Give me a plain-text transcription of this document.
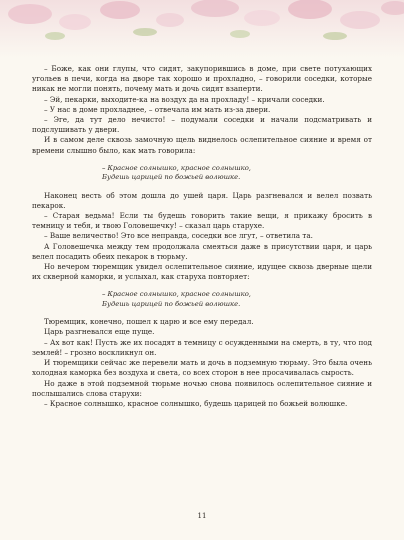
– Боже, как они глупы, что сидят, закупорившись в доме, при свете потухающих угольев в печи, когда на дворе так хорошо и прохладно, – говорили соседки, которые никак не могли понять, почему мать и дочь сидят взаперти.

– Эй, пекарки, выходите-ка на воздух да на прохладу! – кричали соседки.

– У нас в доме прохладнее, – отвечала им мать из-за двери.

– Эге, да тут дело нечисто! – подумали соседки и начали подсматривать и подслушивать у двери.

И в самом деле сквозь замочную щель виднелось ослепительное сияние и время от времени слышно было, как мать говорила:

– Красное солнышко, красное солнышко,
Будешь царицей по божьей волюшке.

Наконец весть об этом дошла до ушей царя. Царь разгневался и велел позвать пекарок.

– Старая ведьма! Если ты будешь говорить такие вещи, я прикажу бросить в темницу и тебя, и твою Головешечку! – сказал царь старухе.

– Ваше величество! Это все неправда, соседки все лгут, – ответила та.

А Головешечка между тем продолжала смеяться даже в присутствии царя, и царь велел посадить обеих пекарок в тюрьму.

Но вечером тюремщик увидел ослепительное сияние, идущее сквозь дверные щели их скверной каморки, и услыхал, как старуха повторяет:

– Красное солнышко, красное солнышко,
Будешь царицей по божьей волюшке.

Тюремщик, конечно, пошел к царю и все ему передал.

Царь разгневался еще пуще.

– Ах вот как! Пусть же их посадят в темницу с осужденными на смерть, в ту, что под землей! – грозно воскликнул он.

И тюремщики сейчас же перевели мать и дочь в подземную тюрьму. Это была очень холодная каморка без воздуха и света, со всех сторон в нее просачивалась сырость.

Но даже в этой подземной тюрьме ночью снова появилось ослепительное сияние и послышались слова старухи:

– Красное солнышко, красное солнышко, будешь царицей по божьей волюшке.

11
